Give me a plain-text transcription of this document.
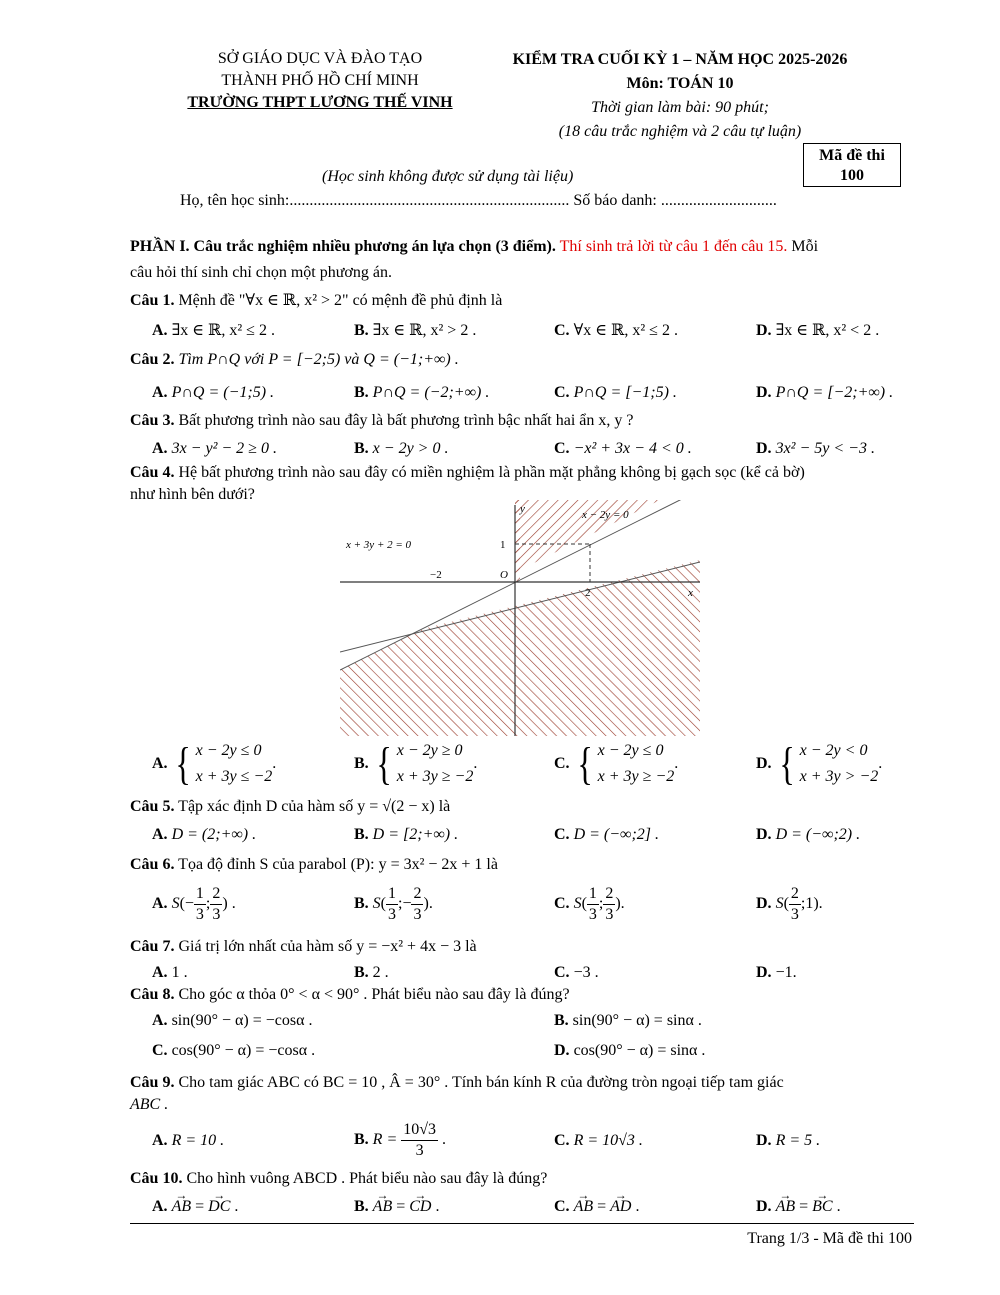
SỞ GIÁO DỤC VÀ ĐÀO TẠO
THÀNH PHỐ HỒ CHÍ MINH
TRƯỜNG THPT LƯƠNG THẾ VINH
KIỂM TRA CUỐI KỲ 1 – NĂM HỌC 2025-2026
Môn: TOÁN 10
Thời gian làm bài: 90 phút;
(18 câu trắc nghiệm và 2 câu tự luận)
Mã đề thi
100
(Học sinh không được sử dụng tài liệu)
Họ, tên học sinh:...................................................................... Số báo danh: .............................
PHẦN I. Câu trắc nghiệm nhiều phương án lựa chọn (3 điểm). Thí sinh trả lời từ câu 1 đến câu 15. Mỗi
câu hỏi thí sinh chỉ chọn một phương án.
Câu 1. Mệnh đề "∀x ∈ ℝ, x² > 2" có mệnh đề phủ định là
A. ∃x ∈ ℝ, x² ≤ 2 .	B. ∃x ∈ ℝ, x² > 2 .	C. ∀x ∈ ℝ, x² ≤ 2 .	D. ∃x ∈ ℝ, x² < 2 .
Câu 2. Tìm P∩Q với P = [−2;5) và Q = (−1;+∞) .
A. P∩Q = (−1;5) .	B. P∩Q = (−2;+∞) .	C. P∩Q = [−1;5) .	D. P∩Q = [−2;+∞) .
Câu 3. Bất phương trình nào sau đây là bất phương trình bậc nhất hai ẩn x, y ?
A. 3x − y² − 2 ≥ 0 .	B. x − 2y > 0 .	C. −x² + 3x − 4 < 0 .	D. 3x² − 5y < −3 .
Câu 4. Hệ bất phương trình nào sau đây có miền nghiệm là phần mặt phẳng không bị gạch sọc (kể cả bờ)
như hình bên dưới?
y
x
O
1
−2
2
x − 2y = 0
x + 3y + 2 = 0
A. { x − 2y ≤ 0
x + 3y ≤ −2
.	B. { x − 2y ≥ 0
x + 3y ≥ −2
.	C. { x − 2y ≤ 0
x + 3y ≥ −2
.	D. { x − 2y < 0
x + 3y > −2
.
Câu 5. Tập xác định D của hàm số y = √(2 − x) là
A. D = (2;+∞) .	B. D = [2;+∞) .	C. D = (−∞;2] .	D. D = (−∞;2) .
Câu 6. Tọa độ đỉnh S của parabol (P): y = 3x² − 2x + 1 là
A. $S(- \frac{1}{3}$ ; $\frac{2}{3}$ ) .	B. $S( \frac{1}{3}$ ;− $\frac{2}{3}$ ).	C. $S( \frac{1}{3}$ ; $\frac{2}{3}$ ).	D. $S( \frac{2}{3}$ ;1).
Câu 7. Giá trị lớn nhất của hàm số y = −x² + 4x − 3 là
A. 1 .	B. 2 .	C. −3 .	D. −1.
Câu 8. Cho góc α thỏa 0° < α < 90° . Phát biểu nào sau đây là đúng?
A. sin(90° − α) = −cosα .	B. sin(90° − α) = sinα .
C. cos(90° − α) = −cosα .	D. cos(90° − α) = sinα .
Câu 9. Cho tam giác ABC có BC = 10 , Â = 30° . Tính bán kính R của đường tròn ngoại tiếp tam giác
ABC .
A. R = 10 .	B. $R = \frac{10√3}{3}$ .	C. R = 10√3 .	D. R = 5 .
Câu 10. Cho hình vuông ABCD . Phát biểu nào sau đây là đúng?
A. → AB = → DC .	B. → AB = → CD .	C. → AB = → AD .	D. → AB = → BC .
Trang 1/3 - Mã đề thi 100
